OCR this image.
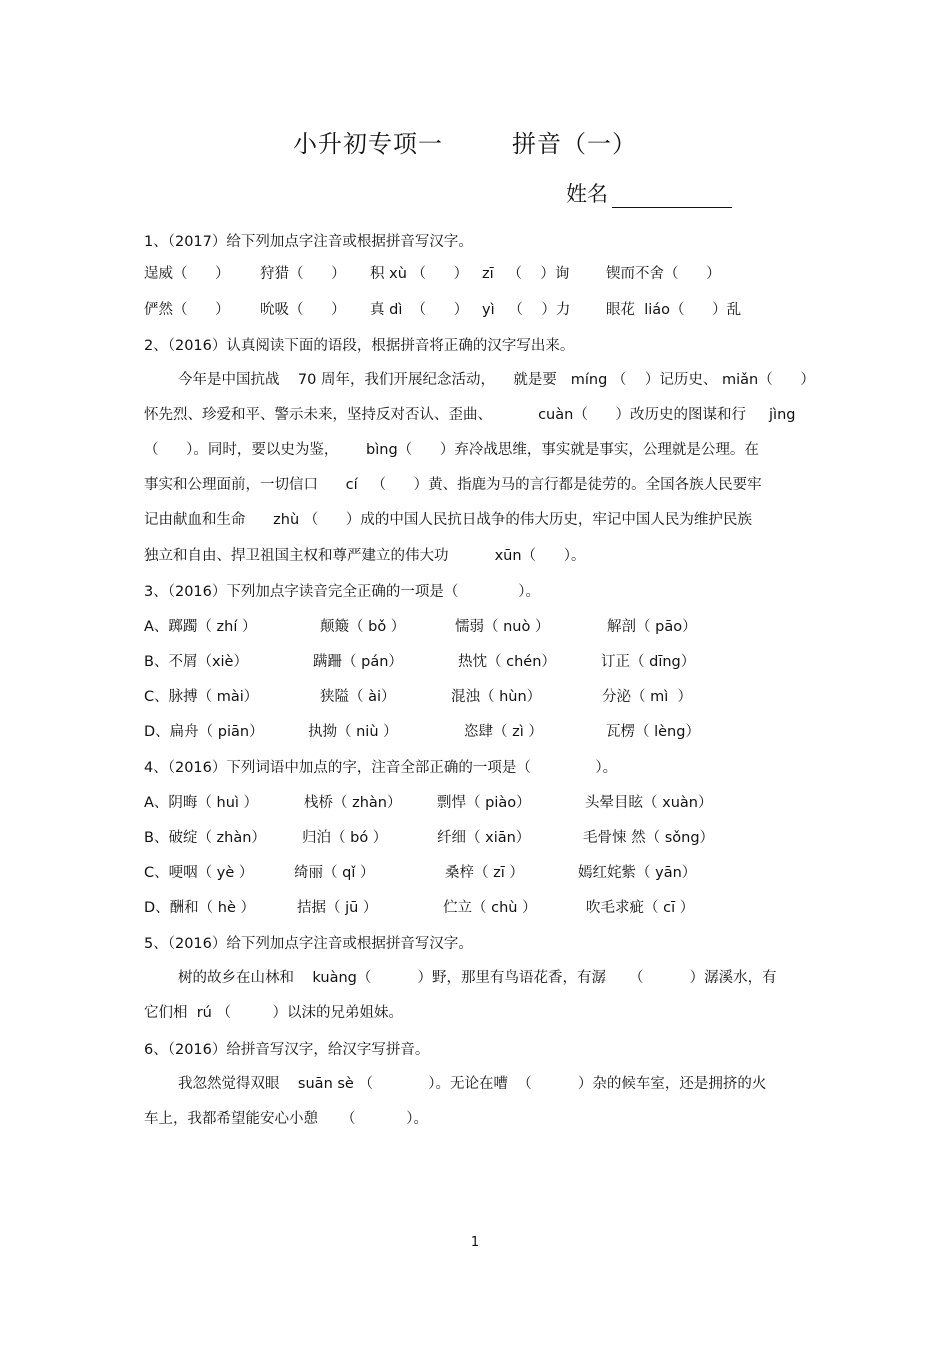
小升初专项一        拼音（一）
姓名
1、（2017）给下列加点字注音或根据拼音写汉字。
逞威（      ） 狩猎（      ） 积 xù （      ） zī   （    ）询	锲而不舍（      ）
俨然（      ） 吮吸（      ） 真 dì  （      ） yì   （    ）力 眼花  liáo（      ）乱
2、（2016）认真阅读下面的语段，根据拼音将正确的汉字写出来。
今年是中国抗战    70 周年，我们开展纪念活动，    就是要   míng （    ）记历史、 miǎn（      ）
怀先烈、珍爱和平、警示未来，坚持反对否认、歪曲、          cuàn（      ）改历史的图谋和行     jìng
（      ）。同时，要以史为鉴，      bìng（      ）弃冷战思维，事实就是事实，公理就是公理。在
事实和公理面前，一切信口      cí   （      ）黄、指鹿为马的言行都是徒劳的。全国各族人民要牢
记由献血和生命      zhù （      ）成的中国人民抗日战争的伟大历史，牢记中国人民为维护民族
独立和自由、捍卫祖国主权和尊严建立的伟大功          xūn（      ）。
3、（2016）下列加点字读音完全正确的一项是（             ）。
A、踯躅（ zhí ）	颠簸（ bǒ ）	懦弱（ nuò ）	解剖（ pāo）
B、不屑（xiè）	蹒跚（ pán）	热忱（ chén）	订正（ dīng）
C、脉搏（ mài）	狭隘（ ài）	混浊（ hùn）	分泌（ mì  ）
D、扁舟（ piān）	执拗（ niù ）	恣肆（ zì ）	瓦楞（ lèng）
4、（2016）下列词语中加点的字，注音全部正确的一项是（              ）。
A、阴晦（ huì ）	栈桥（ zhàn） 剽悍（ piào）	头晕目眩（ xuàn）
B、破绽（ zhàn） 归泊（ bó ）	纤细（ xiān）	毛骨悚 然（ sǒng）
C、哽咽（ yè ）	绮丽（ qǐ ）	桑梓（ zī ）	嫣红姹紫（ yān）
D、酬和（ hè ）	拮据（ jū ）	伫立（ chù ）	吹毛求疵（ cī ）
5、（2016）给下列加点字注音或根据拼音写汉字。
树的故乡在山林和    kuàng（          ）野，那里有鸟语花香，有潺     （          ）潺溪水，有
它们相  rú （         ）以沫的兄弟姐妹。
6、（2016）给拼音写汉字，给汉字写拼音。
我忽然觉得双眼    suān sè （            ）。无论在嘈  （          ）杂的候车室，还是拥挤的火
车上，我都希望能安心小憩     （           ）。
1
